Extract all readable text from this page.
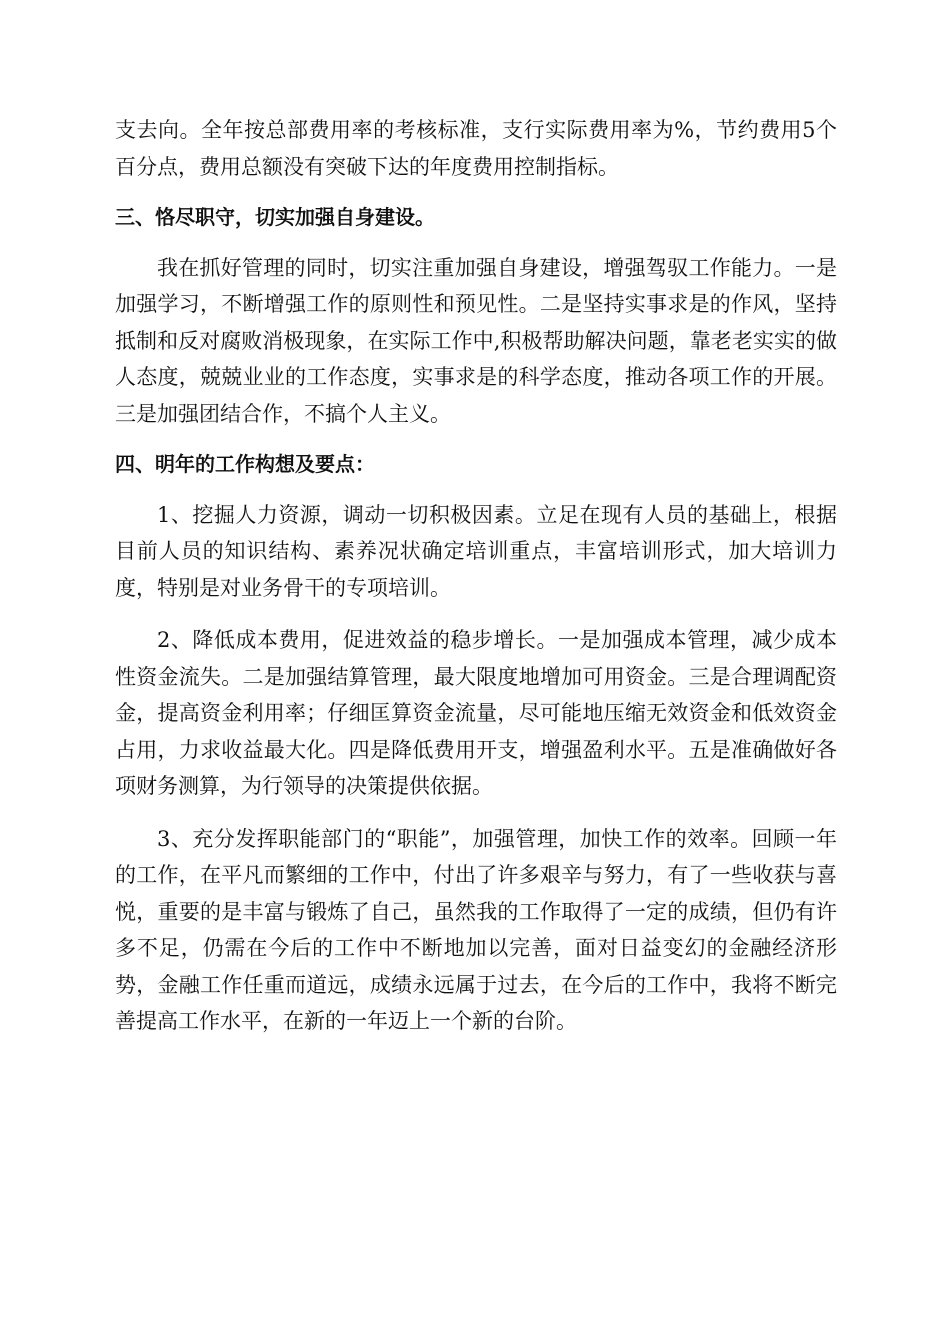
支去向。全年按总部费用率的考核标准，支行实际费用率为%，节约费用5个百分点，费用总额没有突破下达的年度费用控制指标。

三、恪尽职守，切实加强自身建设。

我在抓好管理的同时，切实注重加强自身建设，增强驾驭工作能力。一是加强学习，不断增强工作的原则性和预见性。二是坚持实事求是的作风，坚持抵制和反对腐败消极现象，在实际工作中,积极帮助解决问题，靠老老实实的做人态度，兢兢业业的工作态度，实事求是的科学态度，推动各项工作的开展。三是加强团结合作，不搞个人主义。

四、明年的工作构想及要点：

1、挖掘人力资源，调动一切积极因素。立足在现有人员的基础上，根据目前人员的知识结构、素养况状确定培训重点，丰富培训形式，加大培训力度，特别是对业务骨干的专项培训。

2、降低成本费用，促进效益的稳步增长。一是加强成本管理，减少成本性资金流失。二是加强结算管理，最大限度地增加可用资金。三是合理调配资金，提高资金利用率；仔细匡算资金流量，尽可能地压缩无效资金和低效资金占用，力求收益最大化。四是降低费用开支，增强盈利水平。五是准确做好各项财务测算，为行领导的决策提供依据。

3、充分发挥职能部门的“职能”，加强管理，加快工作的效率。回顾一年的工作，在平凡而繁细的工作中，付出了许多艰辛与努力，有了一些收获与喜悦，重要的是丰富与锻炼了自己，虽然我的工作取得了一定的成绩，但仍有许多不足，仍需在今后的工作中不断地加以完善，面对日益变幻的金融经济形势，金融工作任重而道远，成绩永远属于过去，在今后的工作中，我将不断完善提高工作水平，在新的一年迈上一个新的台阶。
